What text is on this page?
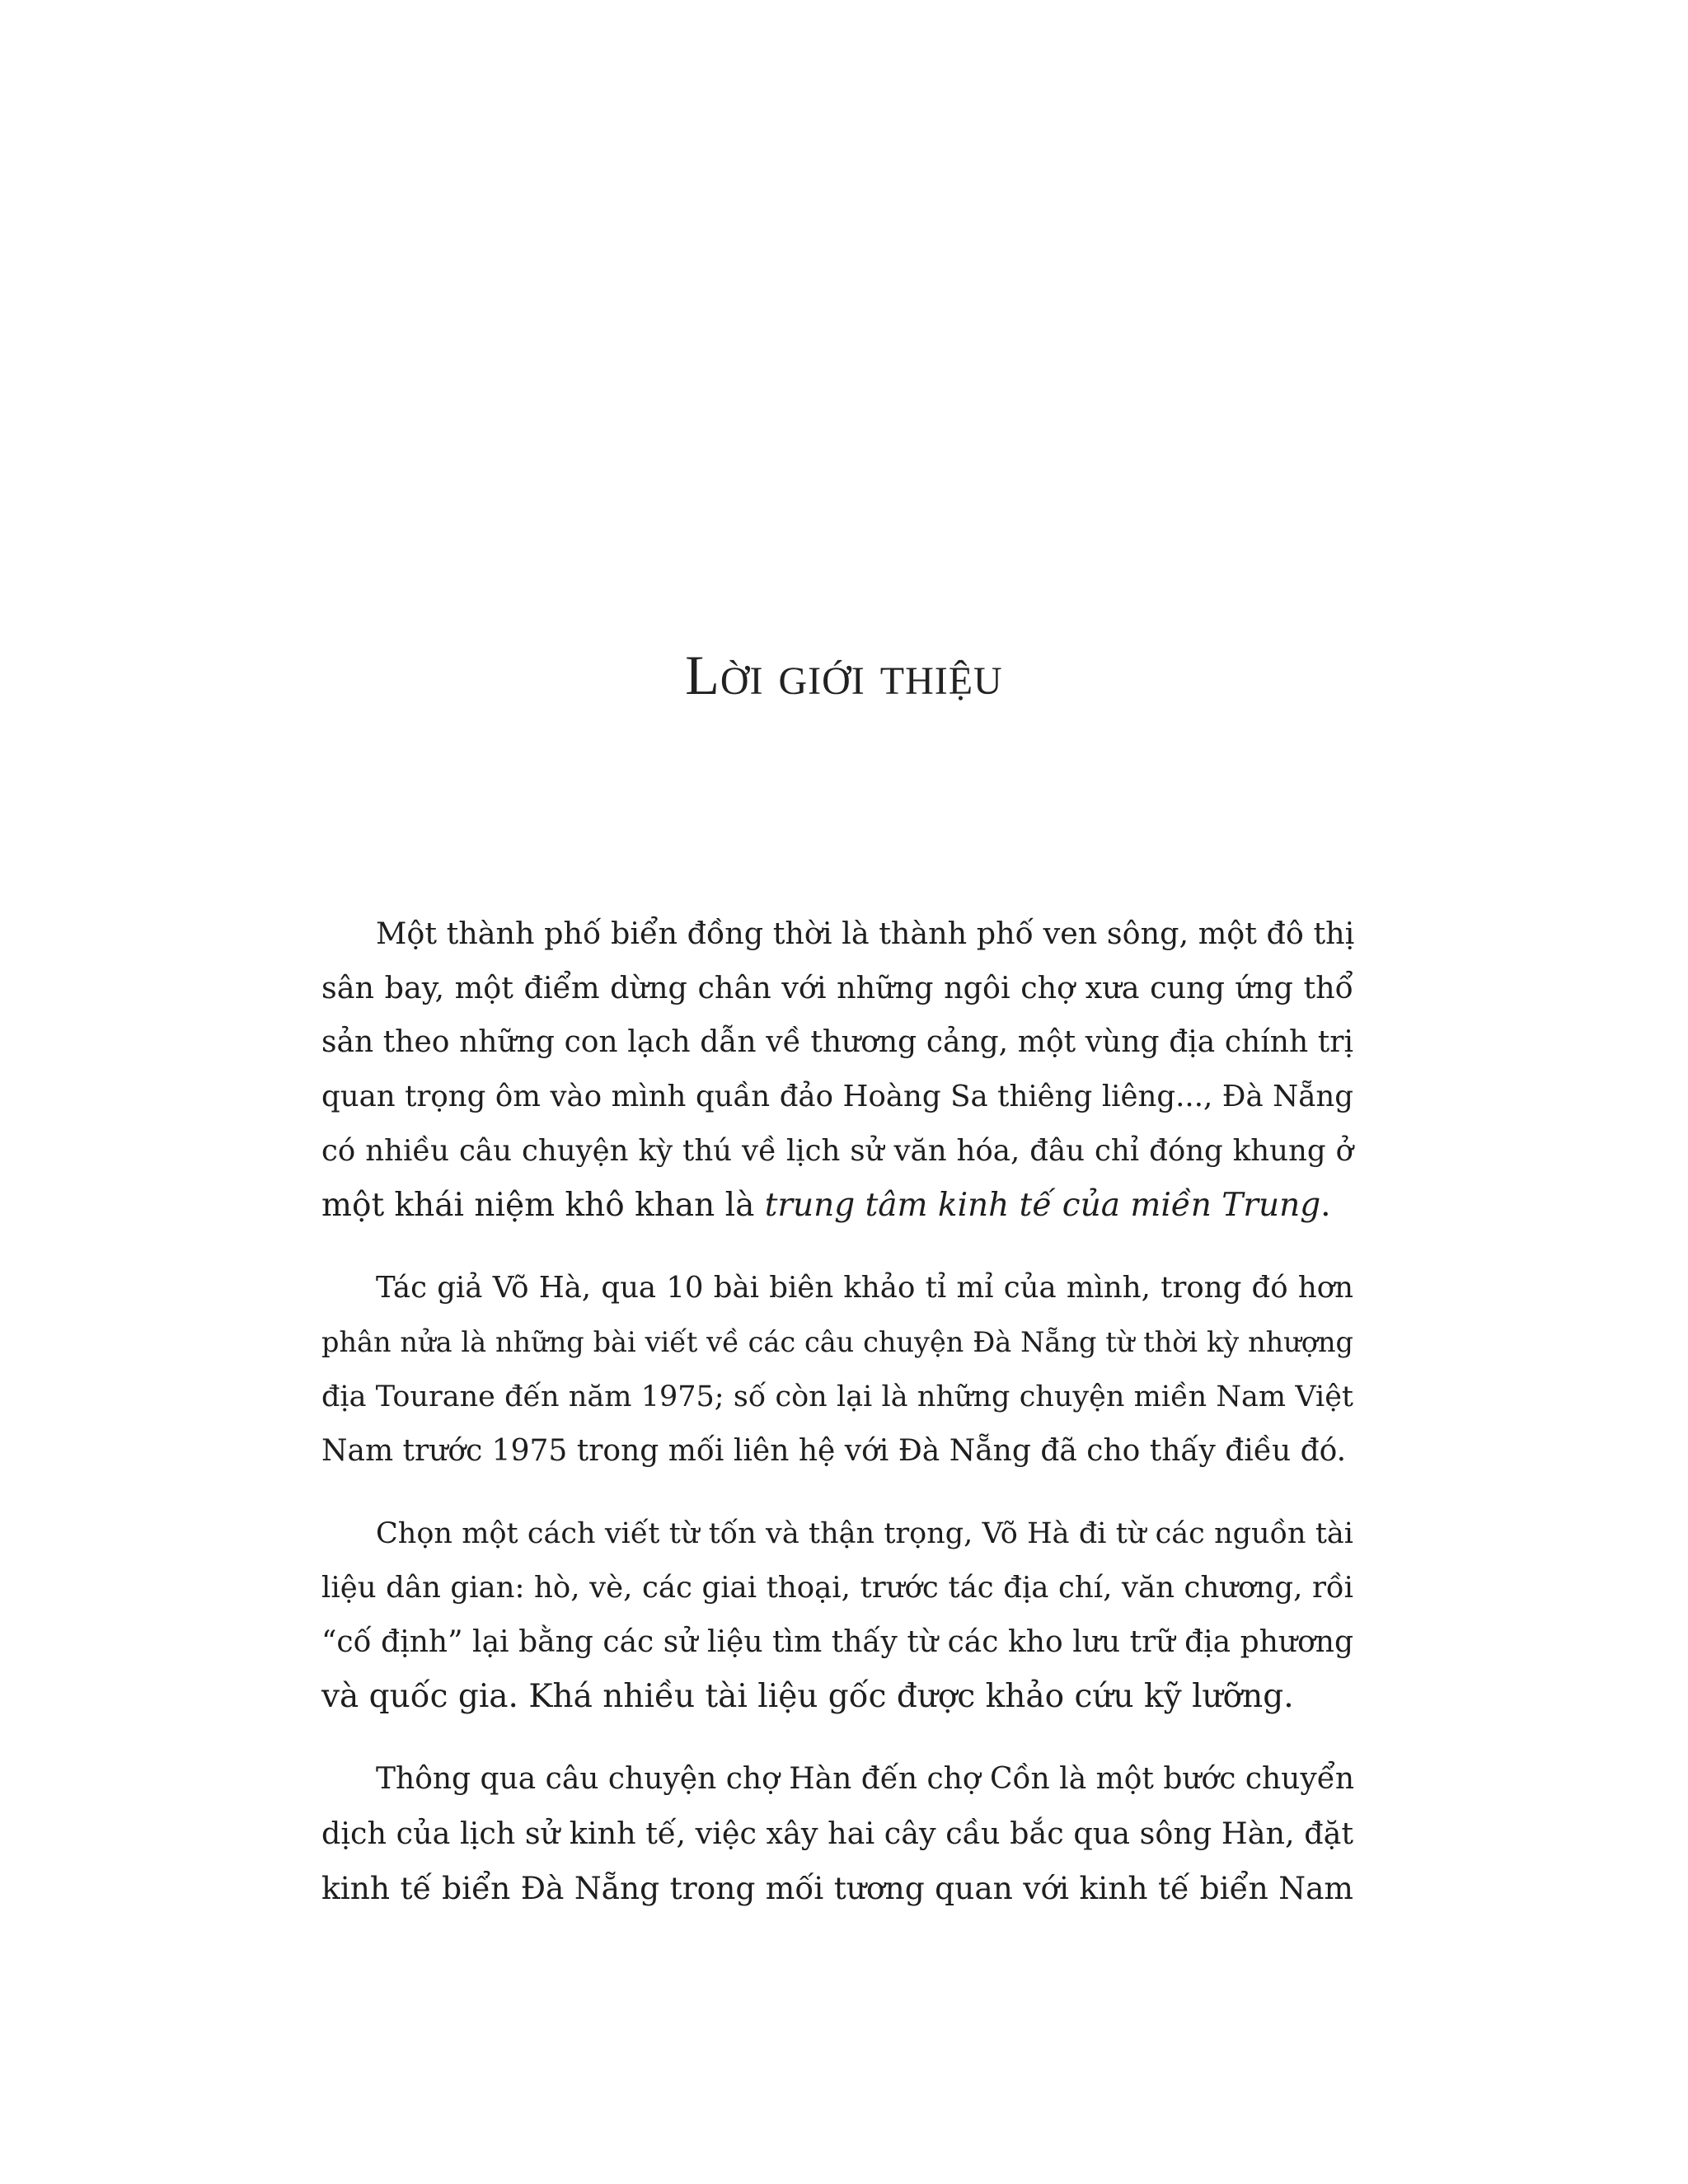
Lời giới thiệu
Một thành phố biển đồng thời là thành phố ven sông, một đô thị
sân bay, một điểm dừng chân với những ngôi chợ xưa cung ứng thổ
sản theo những con lạch dẫn về thương cảng, một vùng địa chính trị
quan trọng ôm vào mình quần đảo Hoàng Sa thiêng liêng..., Đà Nẵng
có nhiều câu chuyện kỳ thú về lịch sử văn hóa, đâu chỉ đóng khung ở
một khái niệm khô khan là trung tâm kinh tế của miền Trung.
Tác giả Võ Hà, qua 10 bài biên khảo tỉ mỉ của mình, trong đó hơn
phân nửa là những bài viết về các câu chuyện Đà Nẵng từ thời kỳ nhượng
địa Tourane đến năm 1975; số còn lại là những chuyện miền Nam Việt
Nam trước 1975 trong mối liên hệ với Đà Nẵng đã cho thấy điều đó.
Chọn một cách viết từ tốn và thận trọng, Võ Hà đi từ các nguồn tài
liệu dân gian: hò, vè, các giai thoại, trước tác địa chí, văn chương, rồi
“cố định” lại bằng các sử liệu tìm thấy từ các kho lưu trữ địa phương
và quốc gia. Khá nhiều tài liệu gốc được khảo cứu kỹ lưỡng.
Thông qua câu chuyện chợ Hàn đến chợ Cồn là một bước chuyển
dịch của lịch sử kinh tế, việc xây hai cây cầu bắc qua sông Hàn, đặt
kinh tế biển Đà Nẵng trong mối tương quan với kinh tế biển Nam
